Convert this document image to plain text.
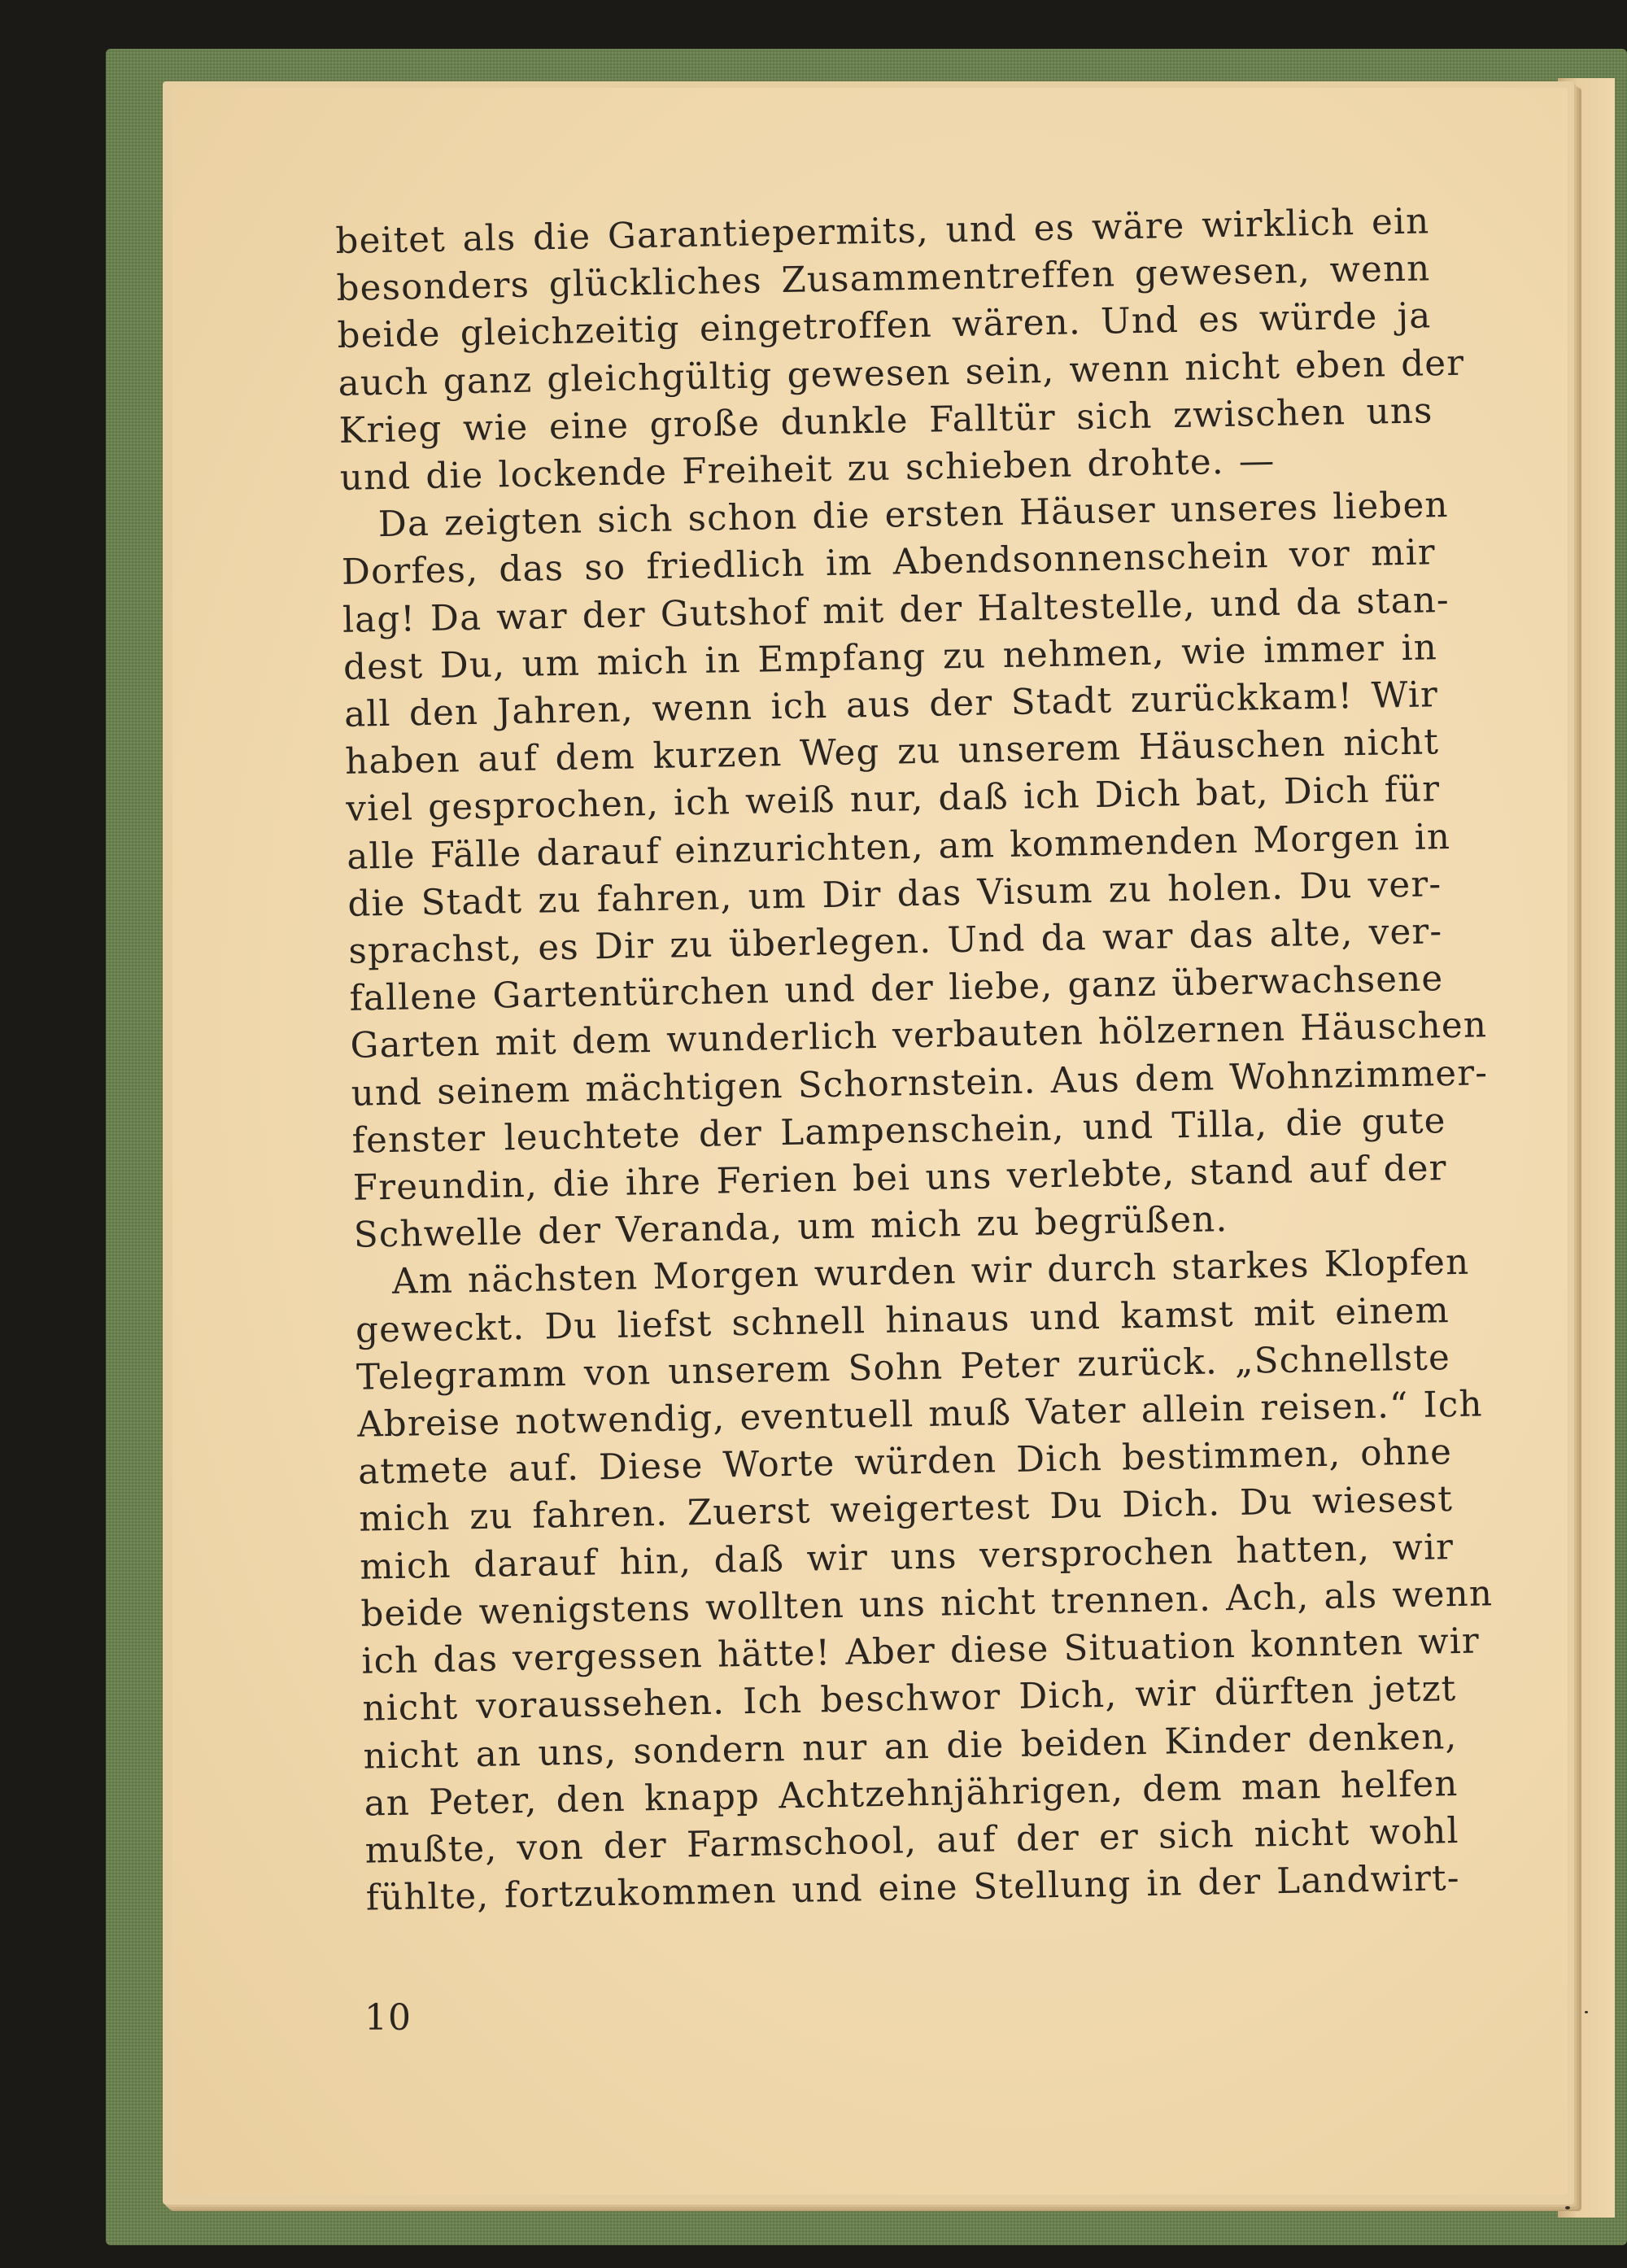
beitet als die Garantiepermits, und es wäre wirklich ein
besonders glückliches Zusammentreffen gewesen, wenn
beide gleichzeitig eingetroffen wären. Und es würde ja
auch ganz gleichgültig gewesen sein, wenn nicht eben der
Krieg wie eine große dunkle Falltür sich zwischen uns
und die lockende Freiheit zu schieben drohte. —
Da zeigten sich schon die ersten Häuser unseres lieben
Dorfes, das so friedlich im Abendsonnenschein vor mir
lag! Da war der Gutshof mit der Haltestelle, und da stan-
dest Du, um mich in Empfang zu nehmen, wie immer in
all den Jahren, wenn ich aus der Stadt zurückkam! Wir
haben auf dem kurzen Weg zu unserem Häuschen nicht
viel gesprochen, ich weiß nur, daß ich Dich bat, Dich für
alle Fälle darauf einzurichten, am kommenden Morgen in
die Stadt zu fahren, um Dir das Visum zu holen. Du ver-
sprachst, es Dir zu überlegen. Und da war das alte, ver-
fallene Gartentürchen und der liebe, ganz überwachsene
Garten mit dem wunderlich verbauten hölzernen Häuschen
und seinem mächtigen Schornstein. Aus dem Wohnzimmer-
fenster leuchtete der Lampenschein, und Tilla, die gute
Freundin, die ihre Ferien bei uns verlebte, stand auf der
Schwelle der Veranda, um mich zu begrüßen.
Am nächsten Morgen wurden wir durch starkes Klopfen
geweckt. Du liefst schnell hinaus und kamst mit einem
Telegramm von unserem Sohn Peter zurück. „Schnellste
Abreise notwendig, eventuell muß Vater allein reisen.“ Ich
atmete auf. Diese Worte würden Dich bestimmen, ohne
mich zu fahren. Zuerst weigertest Du Dich. Du wiesest
mich darauf hin, daß wir uns versprochen hatten, wir
beide wenigstens wollten uns nicht trennen. Ach, als wenn
ich das vergessen hätte! Aber diese Situation konnten wir
nicht voraussehen. Ich beschwor Dich, wir dürften jetzt
nicht an uns, sondern nur an die beiden Kinder denken,
an Peter, den knapp Achtzehnjährigen, dem man helfen
mußte, von der Farmschool, auf der er sich nicht wohl
fühlte, fortzukommen und eine Stellung in der Landwirt-
10
